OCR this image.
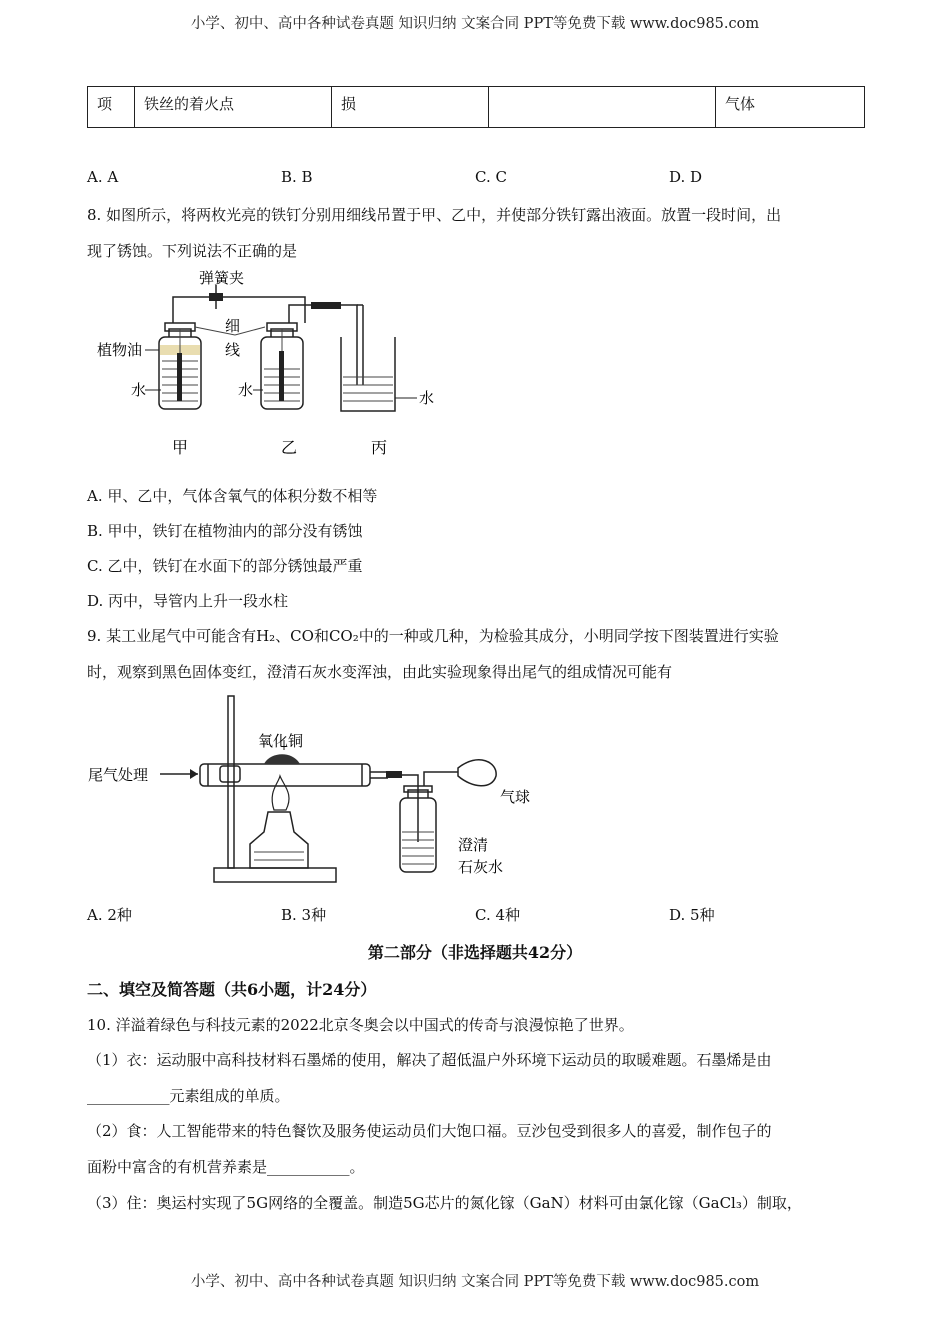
小学、初中、高中各种试卷真题 知识归纳 文案合同 PPT等免费下载 www.doc985.com
项	铁丝的着火点	损		气体
A. A	B. B	C. C	D. D
8. 如图所示，将两枚光亮的铁钉分别用细线吊置于甲、乙中，并使部分铁钉露出液面。放置一段时间，出
现了锈蚀。下列说法不正确的是
弹簧夹
细
线
植物油
水	水	水
甲	乙	丙
A. 甲、乙中，气体含氧气的体积分数不相等
B. 甲中，铁钉在植物油内的部分没有锈蚀
C. 乙中，铁钉在水面下的部分锈蚀最严重
D. 丙中，导管内上升一段水柱
9. 某工业尾气中可能含有H₂、CO和CO₂中的一种或几种，为检验其成分，小明同学按下图装置进行实验
时，观察到黑色固体变红，澄清石灰水变浑浊，由此实验现象得出尾气的组成情况可能有
尾气处理
氧化铜
气球
澄清
石灰水
A. 2种	B. 3种	C. 4种	D. 5种
第二部分（非选择题共42分）
二、填空及简答题（共6小题，计24分）
10. 洋溢着绿色与科技元素的2022北京冬奥会以中国式的传奇与浪漫惊艳了世界。
（1）衣：运动服中高科技材料石墨烯的使用，解决了超低温户外环境下运动员的取暖难题。石墨烯是由
___________元素组成的单质。
（2）食：人工智能带来的特色餐饮及服务使运动员们大饱口福。豆沙包受到很多人的喜爱，制作包子的
面粉中富含的有机营养素是___________。
（3）住：奥运村实现了5G网络的全覆盖。制造5G芯片的氮化镓（GaN）材料可由氯化镓（GaCl₃）制取，
小学、初中、高中各种试卷真题 知识归纳 文案合同 PPT等免费下载 www.doc985.com
